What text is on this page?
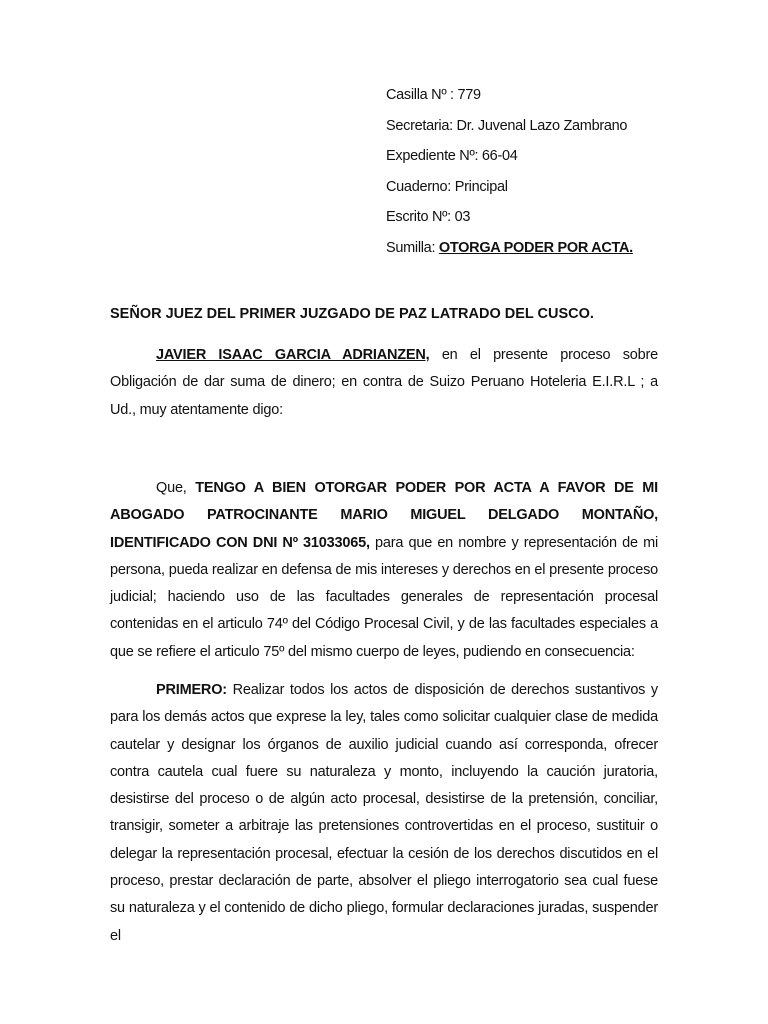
Casilla Nº : 779
Secretaria: Dr. Juvenal Lazo Zambrano
Expediente Nº: 66-04
Cuaderno: Principal
Escrito Nº: 03
Sumilla: OTORGA PODER POR ACTA.
SEÑOR JUEZ DEL PRIMER JUZGADO DE PAZ LATRADO DEL CUSCO.
JAVIER ISAAC GARCIA ADRIANZEN, en el presente proceso sobre Obligación de dar suma de dinero; en contra de Suizo Peruano Hoteleria E.I.R.L ; a Ud., muy atentamente digo:
Que, TENGO A BIEN OTORGAR PODER POR ACTA A FAVOR DE MI ABOGADO PATROCINANTE MARIO MIGUEL DELGADO MONTAÑO, IDENTIFICADO CON DNI Nº 31033065, para que en nombre y representación de mi persona, pueda realizar en defensa de mis intereses y derechos en el presente proceso judicial; haciendo uso de las facultades generales de representación procesal contenidas en el articulo 74º del Código Procesal Civil, y de las facultades especiales a que se refiere el articulo 75º del mismo cuerpo de leyes, pudiendo en consecuencia:
PRIMERO: Realizar todos los actos de disposición de derechos sustantivos y para los demás actos que exprese la ley, tales como solicitar cualquier clase de medida cautelar y designar los órganos de auxilio judicial cuando así corresponda, ofrecer contra cautela cual fuere su naturaleza y monto, incluyendo la caución juratoria, desistirse del proceso o de algún acto procesal, desistirse de la pretensión, conciliar, transigir, someter a arbitraje las pretensiones controvertidas en el proceso, sustituir o delegar la representación procesal, efectuar la cesión de los derechos discutidos en el proceso, prestar declaración de parte, absolver el pliego interrogatorio sea cual fuese su naturaleza y el contenido de dicho pliego, formular declaraciones juradas, suspender el
